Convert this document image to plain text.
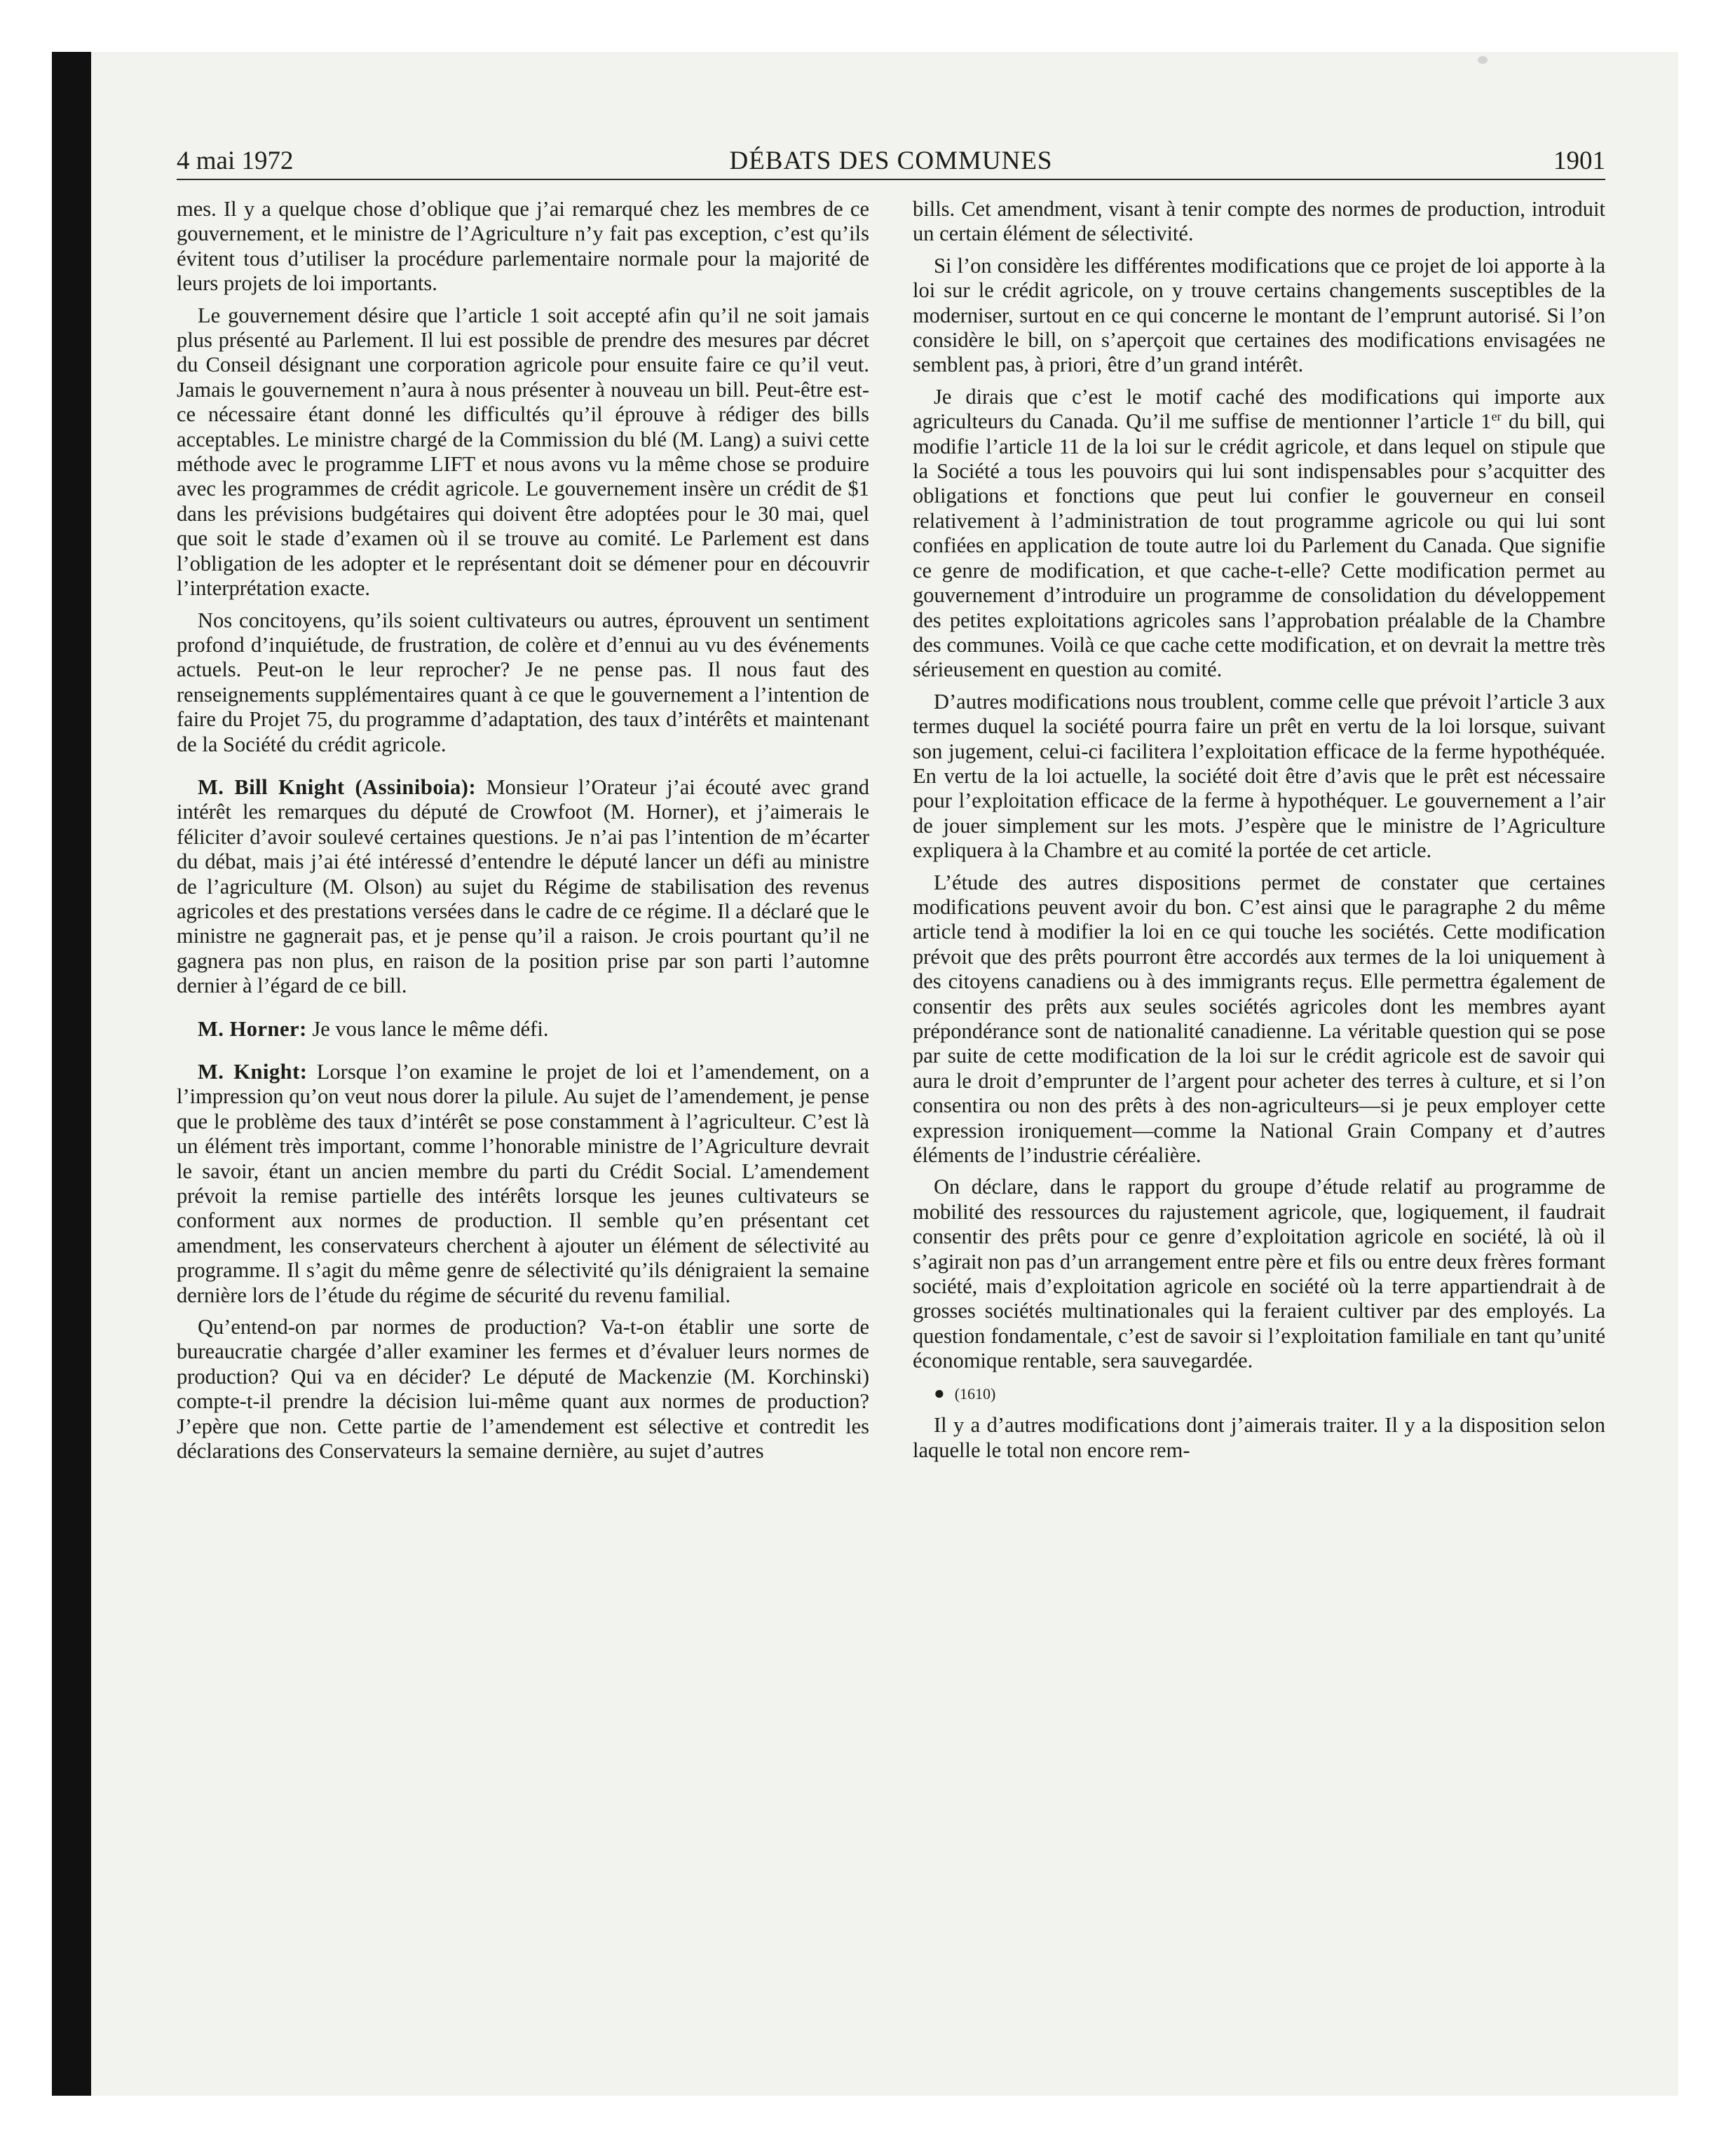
4 mai 1972	DÉBATS DES COMMUNES	1901

mes. Il y a quelque chose d’oblique que j’ai remarqué chez les membres de ce gouvernement, et le ministre de l’Agriculture n’y fait pas exception, c’est qu’ils évitent tous d’utiliser la procédure parlementaire normale pour la majorité de leurs projets de loi importants.

Le gouvernement désire que l’article 1 soit accepté afin qu’il ne soit jamais plus présenté au Parlement. Il lui est possible de prendre des mesures par décret du Conseil désignant une corporation agricole pour ensuite faire ce qu’il veut. Jamais le gouvernement n’aura à nous présenter à nouveau un bill. Peut-être est-ce nécessaire étant donné les difficultés qu’il éprouve à rédiger des bills acceptables. Le ministre chargé de la Commission du blé (M. Lang) a suivi cette méthode avec le programme LIFT et nous avons vu la même chose se produire avec les programmes de crédit agricole. Le gouvernement insère un crédit de $1 dans les prévisions budgétaires qui doivent être adoptées pour le 30 mai, quel que soit le stade d’examen où il se trouve au comité. Le Parlement est dans l’obligation de les adopter et le représentant doit se démener pour en découvrir l’interprétation exacte.

Nos concitoyens, qu’ils soient cultivateurs ou autres, éprouvent un sentiment profond d’inquiétude, de frustration, de colère et d’ennui au vu des événements actuels. Peut-on le leur reprocher? Je ne pense pas. Il nous faut des renseignements supplémentaires quant à ce que le gouvernement a l’intention de faire du Projet 75, du programme d’adaptation, des taux d’intérêts et maintenant de la Société du crédit agricole.

M. Bill Knight (Assiniboia): Monsieur l’Orateur j’ai écouté avec grand intérêt les remarques du député de Crowfoot (M. Horner), et j’aimerais le féliciter d’avoir soulevé certaines questions. Je n’ai pas l’intention de m’écarter du débat, mais j’ai été intéressé d’entendre le député lancer un défi au ministre de l’agriculture (M. Olson) au sujet du Régime de stabilisation des revenus agricoles et des prestations versées dans le cadre de ce régime. Il a déclaré que le ministre ne gagnerait pas, et je pense qu’il a raison. Je crois pourtant qu’il ne gagnera pas non plus, en raison de la position prise par son parti l’automne dernier à l’égard de ce bill.

M. Horner: Je vous lance le même défi.

M. Knight: Lorsque l’on examine le projet de loi et l’amendement, on a l’impression qu’on veut nous dorer la pilule. Au sujet de l’amendement, je pense que le problème des taux d’intérêt se pose constamment à l’agriculteur. C’est là un élément très important, comme l’honorable ministre de l’Agriculture devrait le savoir, étant un ancien membre du parti du Crédit Social. L’amendement prévoit la remise partielle des intérêts lorsque les jeunes cultivateurs se conforment aux normes de production. Il semble qu’en présentant cet amendment, les conservateurs cherchent à ajouter un élément de sélectivité au programme. Il s’agit du même genre de sélectivité qu’ils dénigraient la semaine dernière lors de l’étude du régime de sécurité du revenu familial.

Qu’entend-on par normes de production? Va-t-on établir une sorte de bureaucratie chargée d’aller examiner les fermes et d’évaluer leurs normes de production? Qui va en décider? Le député de Mackenzie (M. Korchinski) compte-t-il prendre la décision lui-même quant aux normes de production? J’epère que non. Cette partie de l’amendement est sélective et contredit les déclarations des Conservateurs la semaine dernière, au sujet d’autres

bills. Cet amendment, visant à tenir compte des normes de production, introduit un certain élément de sélectivité.

Si l’on considère les différentes modifications que ce projet de loi apporte à la loi sur le crédit agricole, on y trouve certains changements susceptibles de la moderniser, surtout en ce qui concerne le montant de l’emprunt autorisé. Si l’on considère le bill, on s’aperçoit que certaines des modifications envisagées ne semblent pas, à priori, être d’un grand intérêt.

Je dirais que c’est le motif caché des modifications qui importe aux agriculteurs du Canada. Qu’il me suffise de mentionner l’article 1er du bill, qui modifie l’article 11 de la loi sur le crédit agricole, et dans lequel on stipule que la Société a tous les pouvoirs qui lui sont indispensables pour s’acquitter des obligations et fonctions que peut lui confier le gouverneur en conseil relativement à l’administration de tout programme agricole ou qui lui sont confiées en application de toute autre loi du Parlement du Canada. Que signifie ce genre de modification, et que cache-t-elle? Cette modification permet au gouvernement d’introduire un programme de consolidation du développement des petites exploitations agricoles sans l’approbation préalable de la Chambre des communes. Voilà ce que cache cette modification, et on devrait la mettre très sérieusement en question au comité.

D’autres modifications nous troublent, comme celle que prévoit l’article 3 aux termes duquel la société pourra faire un prêt en vertu de la loi lorsque, suivant son jugement, celui-ci facilitera l’exploitation efficace de la ferme hypothéquée. En vertu de la loi actuelle, la société doit être d’avis que le prêt est nécessaire pour l’exploitation efficace de la ferme à hypothéquer. Le gouvernement a l’air de jouer simplement sur les mots. J’espère que le ministre de l’Agriculture expliquera à la Chambre et au comité la portée de cet article.

L’étude des autres dispositions permet de constater que certaines modifications peuvent avoir du bon. C’est ainsi que le paragraphe 2 du même article tend à modifier la loi en ce qui touche les sociétés. Cette modification prévoit que des prêts pourront être accordés aux termes de la loi uniquement à des citoyens canadiens ou à des immigrants reçus. Elle permettra également de consentir des prêts aux seules sociétés agricoles dont les membres ayant prépondérance sont de nationalité canadienne. La véritable question qui se pose par suite de cette modification de la loi sur le crédit agricole est de savoir qui aura le droit d’emprunter de l’argent pour acheter des terres à culture, et si l’on consentira ou non des prêts à des non-agriculteurs—si je peux employer cette expression ironiquement—comme la National Grain Company et d’autres éléments de l’industrie céréalière.

On déclare, dans le rapport du groupe d’étude relatif au programme de mobilité des ressources du rajustement agricole, que, logiquement, il faudrait consentir des prêts pour ce genre d’exploitation agricole en société, là où il s’agirait non pas d’un arrangement entre père et fils ou entre deux frères formant société, mais d’exploitation agricole en société où la terre appartiendrait à de grosses sociétés multinationales qui la feraient cultiver par des employés. La question fondamentale, c’est de savoir si l’exploitation familiale en tant qu’unité économique rentable, sera sauvegardée.

● (1610)

Il y a d’autres modifications dont j’aimerais traiter. Il y a la disposition selon laquelle le total non encore rem-
